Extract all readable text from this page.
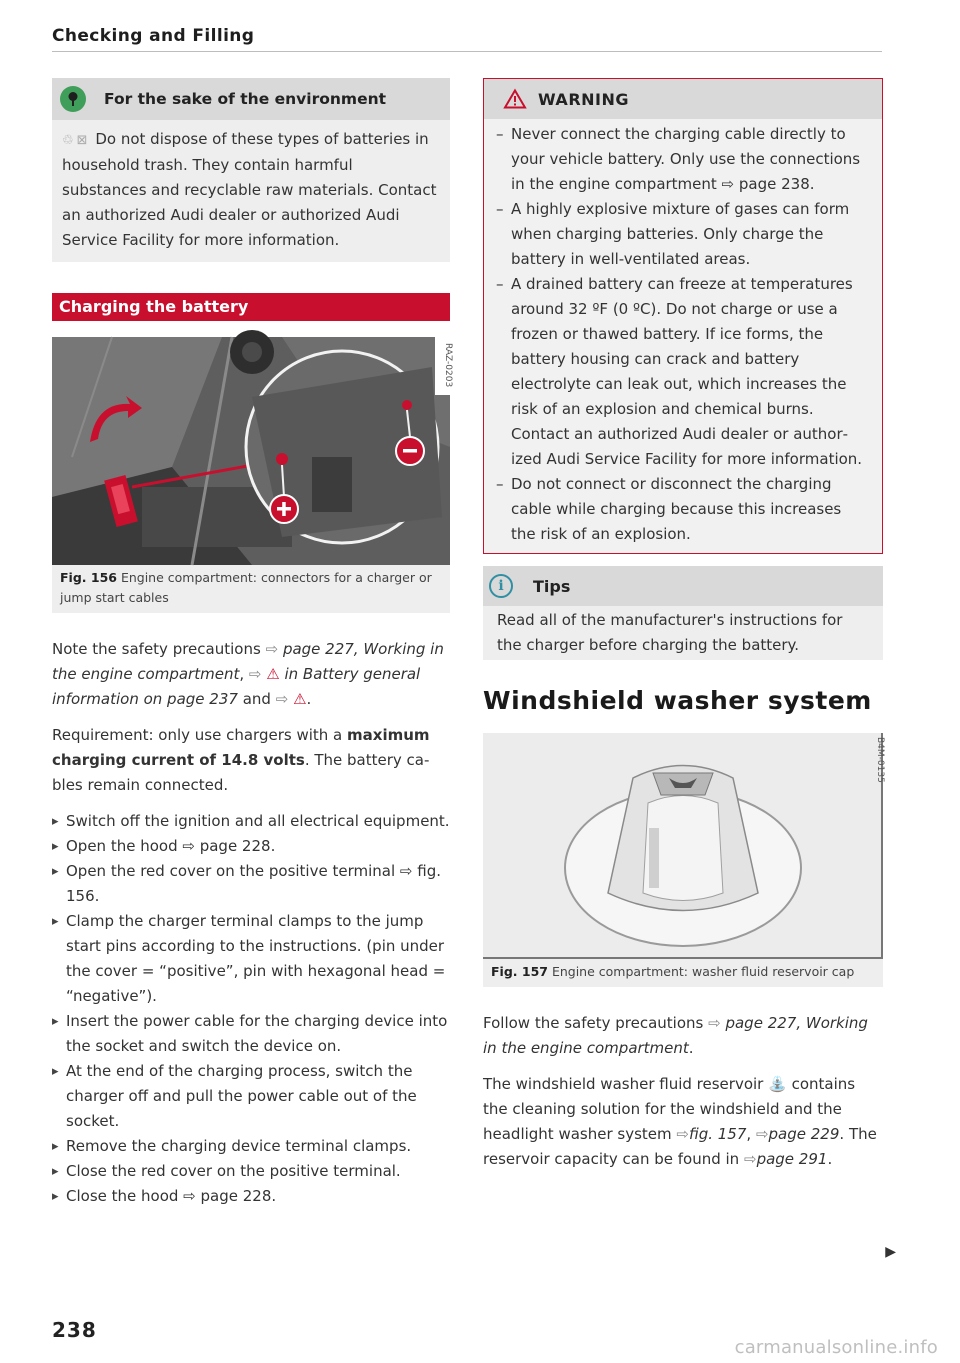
Checking and Filling
For the sake of the environment
♲ ⊠ Do not dispose of these types of batteries in household trash. They contain harmful substances and recyclable raw materials. Contact an authorized Audi dealer or authorized Audi Service Facility for more information.
Charging the battery
RAZ-0203
Fig. 156 Engine compartment: connectors for a charger or jump start cables
Note the safety precautions ⇨ page 227, Working in the engine compartment, ⇨ ⚠ in Battery general information on page 237 and ⇨ ⚠.
Requirement: only use chargers with a maximum charging current of 14.8 volts. The battery cables remain connected.
▸ Switch off the ignition and all electrical equipment.
▸ Open the hood ⇨ page 228.
▸ Open the red cover on the positive terminal ⇨ fig. 156.
▸ Clamp the charger terminal clamps to the jump start pins according to the instructions. (pin under the cover = “positive”, pin with hexagonal head = “negative”).
▸ Insert the power cable for the charging device into the socket and switch the device on.
▸ At the end of the charging process, switch the charger off and pull the power cable out of the socket.
▸ Remove the charging device terminal clamps.
▸ Close the red cover on the positive terminal.
▸ Close the hood ⇨ page 228.
238
WARNING
– Never connect the charging cable directly to your vehicle battery. Only use the connections in the engine compartment ⇨ page 238.
– A highly explosive mixture of gases can form when charging batteries. Only charge the battery in well-ventilated areas.
– A drained battery can freeze at temperatures around 32 ºF (0 ºC). Do not charge or use a frozen or thawed battery. If ice forms, the battery housing can crack and battery electrolyte can leak out, which increases the risk of an explosion and chemical burns. Contact an authorized Audi dealer or authorized Audi Service Facility for more information.
– Do not connect or disconnect the charging cable while charging because this increases the risk of an explosion.
i	Tips
Read all of the manufacturer's instructions for the charger before charging the battery.
Windshield washer system
B4M-0135
Fig. 157 Engine compartment: washer fluid reservoir cap
Follow the safety precautions ⇨ page 227, Working in the engine compartment.
The windshield washer fluid reservoir ⛲ contains the cleaning solution for the windshield and the headlight washer system ⇨fig. 157, ⇨page 229. The reservoir capacity can be found in ⇨page 291.
▶
carmanualsonline.info
